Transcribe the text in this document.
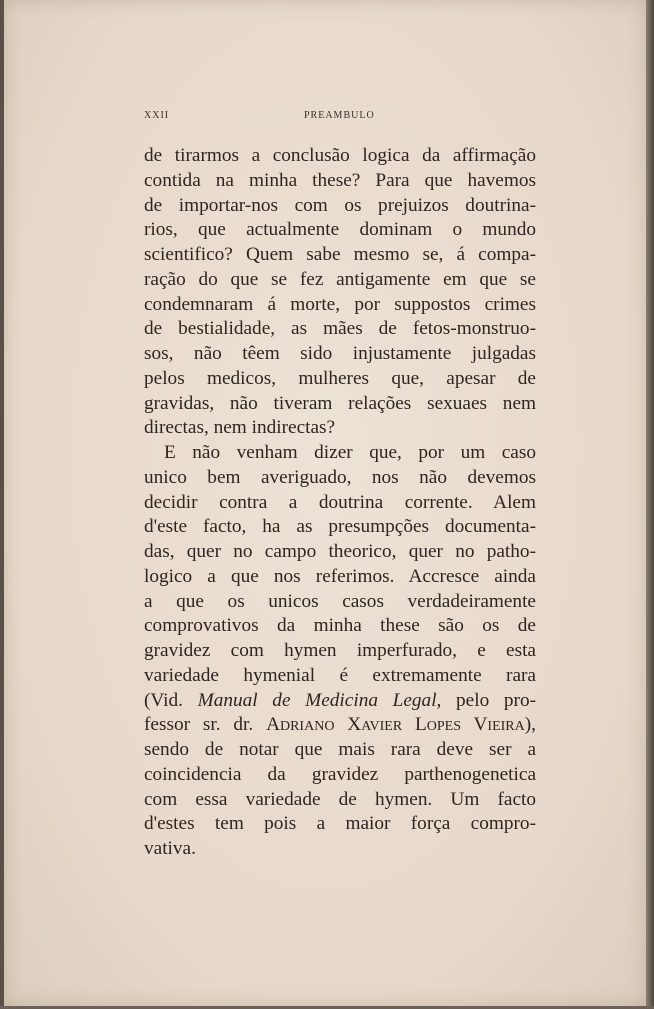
XXII	PREAMBULO
de tirarmos a conclusão logica da affirmação
contida na minha these? Para que havemos
de importar-nos com os prejuizos doutrina-
rios, que actualmente dominam o mundo
scientifico? Quem sabe mesmo se, á compa-
ração do que se fez antigamente em que se
condemnaram á morte, por suppostos crimes
de bestialidade, as mães de fetos-monstruo-
sos, não têem sido injustamente julgadas
pelos medicos, mulheres que, apesar de
gravidas, não tiveram relações sexuaes nem
directas, nem indirectas?
E não venham dizer que, por um caso
unico bem averiguado, nos não devemos
decidir contra a doutrina corrente. Alem
d'este facto, ha as presumpções documenta-
das, quer no campo theorico, quer no patho-
logico a que nos referimos. Accresce ainda
a que os unicos casos verdadeiramente
comprovativos da minha these são os de
gravidez com hymen imperfurado, e esta
variedade hymenial é extremamente rara
(Vid. Manual de Medicina Legal, pelo pro-
fessor sr. dr. Adriano Xavier Lopes Vieira),
sendo de notar que mais rara deve ser a
coincidencia da gravidez parthenogenetica
com essa variedade de hymen. Um facto
d'estes tem pois a maior força compro-
vativa.
